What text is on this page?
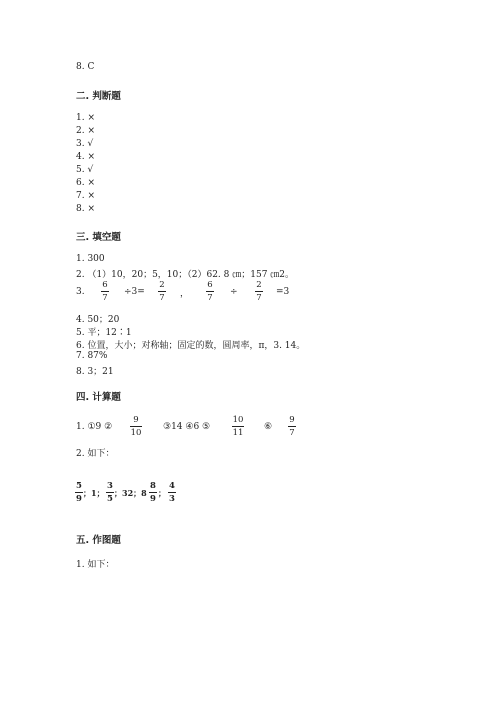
8. C
二. 判断题
1. ×
2. ×
3. √
4. ×
5. √
6. ×
7. ×
8. ×
三. 填空题
1. 300
2. （1）10，20；5，10；（2）62. 8 ㎝；157 ㎝2。
3.
6
7
÷3=
2
7 ，
6
7
÷
2
7
=3
4. 50；20
5. 平；12∶1
6. 位置，大小；对称轴；固定的数，圆周率，π，3. 14。
7. 87%
8. 3；21
四. 计算题
1. ①9 ②
9
10
③14 ④6 ⑤
10
11
⑥
9
7
2. 如下：
5
9
；1；
3
5
；32；8
8
9
；
4
3
五. 作图题
1. 如下：
